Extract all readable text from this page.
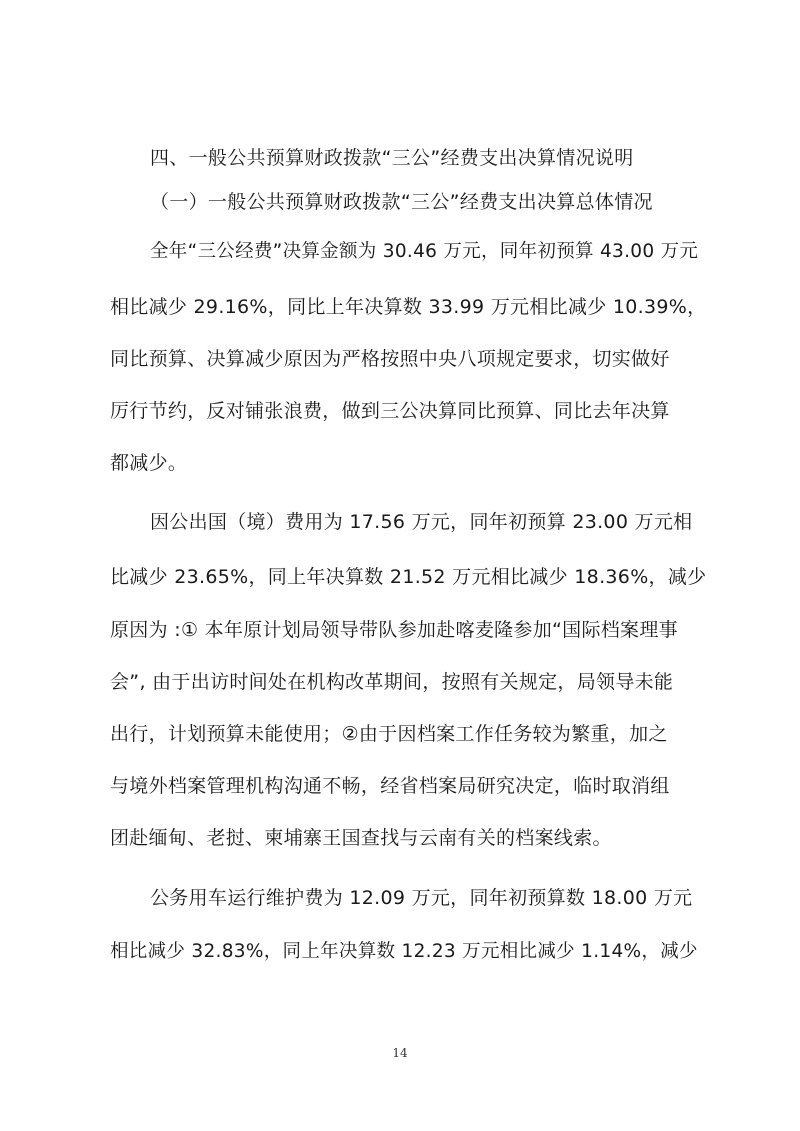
四、一般公共预算财政拨款“三公”经费支出决算情况说明
（一）一般公共预算财政拨款“三公”经费支出决算总体情况
全年“三公经费”决算金额为 30.46 万元，同年初预算 43.00 万元
相比减少 29.16%，同比上年决算数 33.99 万元相比减少 10.39%，
同比预算、决算减少原因为严格按照中央八项规定要求，切实做好
厉行节约，反对铺张浪费，做到三公决算同比预算、同比去年决算
都减少。
因公出国（境）费用为 17.56 万元，同年初预算 23.00 万元相
比减少 23.65%，同上年决算数 21.52 万元相比减少 18.36%，减少
原因为 :① 本年原计划局领导带队参加赴喀麦隆参加“国际档案理事
会”, 由于出访时间处在机构改革期间，按照有关规定，局领导未能
出行，计划预算未能使用；②由于因档案工作任务较为繁重，加之
与境外档案管理机构沟通不畅，经省档案局研究决定，临时取消组
团赴缅甸、老挝、柬埔寨王国查找与云南有关的档案线索。
公务用车运行维护费为 12.09 万元，同年初预算数 18.00 万元
相比减少 32.83%，同上年决算数 12.23 万元相比减少 1.14%，减少
14
